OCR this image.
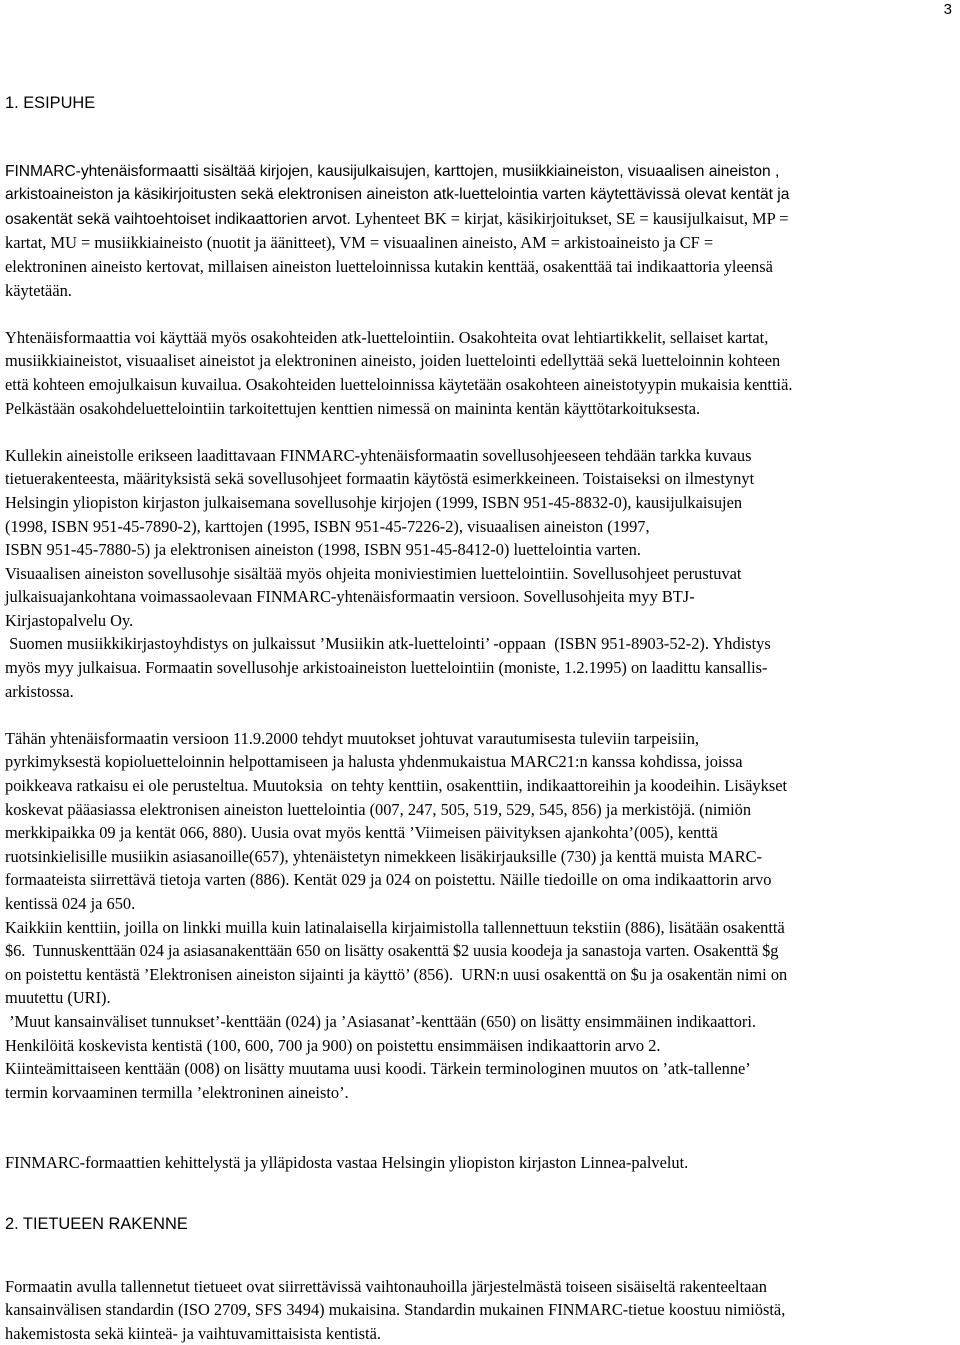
3
1. ESIPUHE
FINMARC-yhtenäisformaatti sisältää kirjojen, kausijulkaisujen, karttojen, musiikkiaineiston, visuaalisen aineiston ,
arkistoaineiston ja käsikirjoitusten sekä elektronisen aineiston atk-luettelointia varten käytettävissä olevat kentät ja
osakentät sekä vaihtoehtoiset indikaattorien arvot. Lyhenteet BK = kirjat, käsikirjoitukset, SE = kausijulkaisut, MP =
kartat, MU = musiikkiaineisto (nuotit ja äänitteet), VM = visuaalinen aineisto, AM = arkistoaineisto ja CF =
elektroninen aineisto kertovat, millaisen aineiston luetteloinnissa kutakin kenttää, osakenttää tai indikaattoria yleensä
käytetään.
Yhtenäisformaattia voi käyttää myös osakohteiden atk-luettelointiin. Osakohteita ovat lehtiartikkelit, sellaiset kartat,
musiikkiaineistot, visuaaliset aineistot ja elektroninen aineisto, joiden luettelointi edellyttää sekä luetteloinnin kohteen
että kohteen emojulkaisun kuvailua. Osakohteiden luetteloinnissa käytetään osakohteen aineistotyypin mukaisia kenttiä.
Pelkästään osakohdeluettelointiin tarkoitettujen kenttien nimessä on maininta kentän käyttötarkoituksesta.
Kullekin aineistolle erikseen laadittavaan FINMARC-yhtenäisformaatin sovellusohjeeseen tehdään tarkka kuvaus
tietuerakenteesta, määrityksistä sekä sovellusohjeet formaatin käytöstä esimerkkeineen. Toistaiseksi on ilmestynyt
Helsingin yliopiston kirjaston julkaisemana sovellusohje kirjojen (1999, ISBN 951-45-8832-0), kausijulkaisujen
(1998, ISBN 951-45-7890-2), karttojen (1995, ISBN 951-45-7226-2), visuaalisen aineiston (1997,
ISBN 951-45-7880-5) ja elektronisen aineiston (1998, ISBN 951-45-8412-0) luettelointia varten.
Visuaalisen aineiston sovellusohje sisältää myös ohjeita moniviestimien luettelointiin. Sovellusohjeet perustuvat
julkaisuajankohtana voimassaolevaan FINMARC-yhtenäisformaatin versioon. Sovellusohjeita myy BTJ-
Kirjastopalvelu Oy.
Suomen musiikkikirjastoyhdistys on julkaissut ’Musiikin atk-luettelointi’ -oppaan  (ISBN 951-8903-52-2). Yhdistys
myös myy julkaisua. Formaatin sovellusohje arkistoaineiston luettelointiin (moniste, 1.2.1995) on laadittu kansallis-
arkistossa.
Tähän yhtenäisformaatin versioon 11.9.2000 tehdyt muutokset johtuvat varautumisesta tuleviin tarpeisiin,
pyrkimyksestä kopioluetteloinnin helpottamiseen ja halusta yhdenmukaistua MARC21:n kanssa kohdissa, joissa
poikkeava ratkaisu ei ole perusteltua. Muutoksia  on tehty kenttiin, osakenttiin, indikaattoreihin ja koodeihin. Lisäykset
koskevat pääasiassa elektronisen aineiston luettelointia (007, 247, 505, 519, 529, 545, 856) ja merkistöjä. (nimiön
merkkipaikka 09 ja kentät 066, 880). Uusia ovat myös kenttä ’Viimeisen päivityksen ajankohta’(005), kenttä
ruotsinkielisille musiikin asiasanoille(657), yhtenäistetyn nimekkeen lisäkirjauksille (730) ja kenttä muista MARC-
formaateista siirrettävä tietoja varten (886). Kentät 029 ja 024 on poistettu. Näille tiedoille on oma indikaattorin arvo
kentissä 024 ja 650.
Kaikkiin kenttiin, joilla on linkki muilla kuin latinalaisella kirjaimistolla tallennettuun tekstiin (886), lisätään osakenttä
$6.  Tunnuskenttään 024 ja asiasanakenttään 650 on lisätty osakenttä $2 uusia koodeja ja sanastoja varten. Osakenttä $g
on poistettu kentästä ’Elektronisen aineiston sijainti ja käyttö’ (856).  URN:n uusi osakenttä on $u ja osakentän nimi on
muutettu (URI).
’Muut kansainväliset tunnukset’-kenttään (024) ja ’Asiasanat’-kenttään (650) on lisätty ensimmäinen indikaattori.
Henkilöitä koskevista kentistä (100, 600, 700 ja 900) on poistettu ensimmäisen indikaattorin arvo 2.
Kiinteämittaiseen kenttään (008) on lisätty muutama uusi koodi. Tärkein terminologinen muutos on ’atk-tallenne’
termin korvaaminen termilla ’elektroninen aineisto’.

FINMARC-formaattien kehittelystä ja ylläpidosta vastaa Helsingin yliopiston kirjaston Linnea-palvelut.

2. TIETUEEN RAKENNE
Formaatin avulla tallennetut tietueet ovat siirrettävissä vaihtonauhoilla järjestelmästä toiseen sisäiseltä rakenteeltaan
kansainvälisen standardin (ISO 2709, SFS 3494) mukaisina. Standardin mukainen FINMARC-tietue koostuu nimiöstä,
hakemistosta sekä kiinteä- ja vaihtuvamittaisista kentistä.
